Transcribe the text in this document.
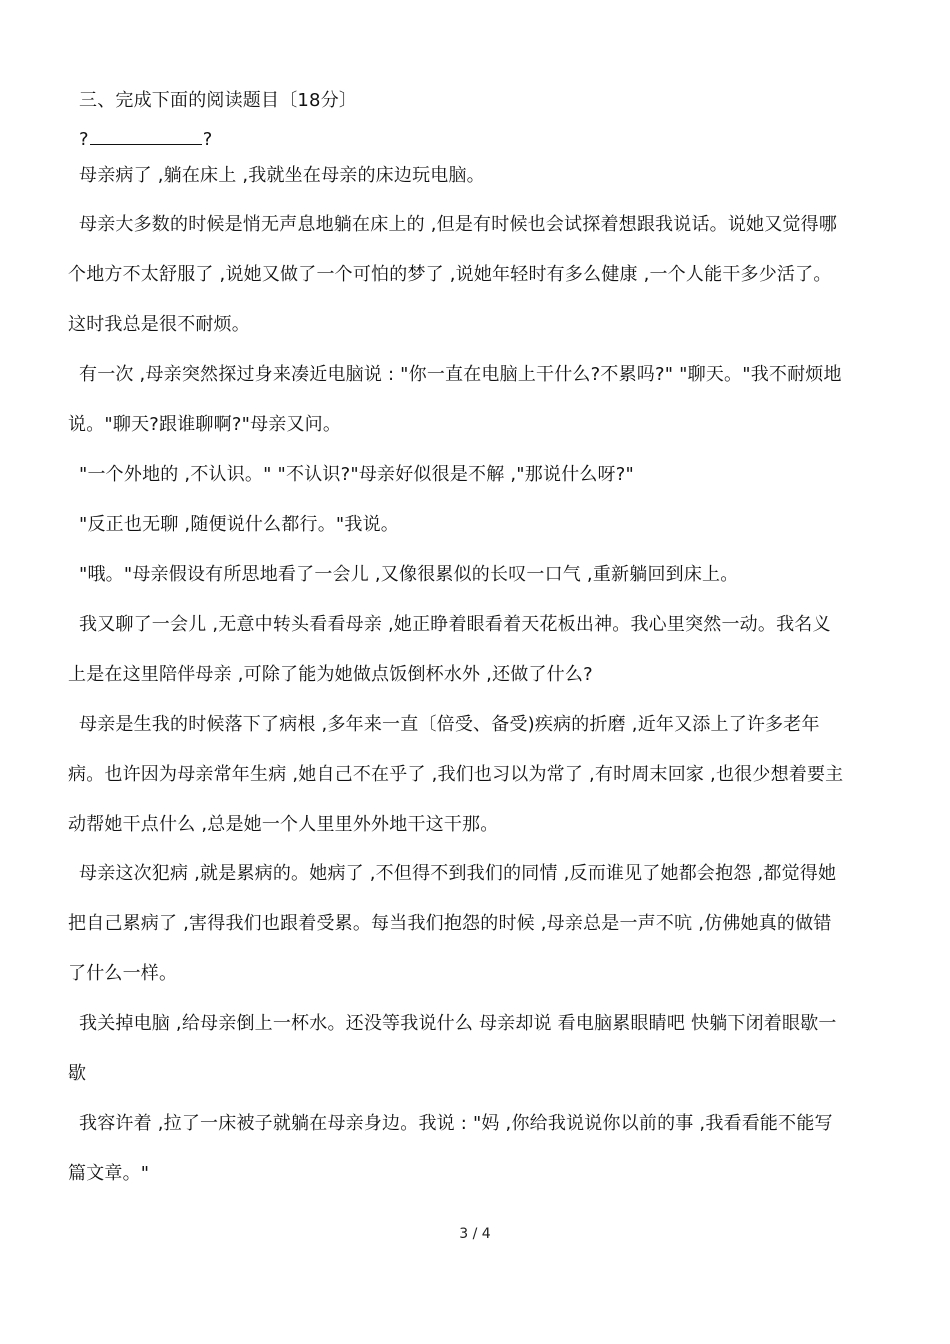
三、完成下面的阅读题目〔18分〕
?	?
母亲病了 ,躺在床上 ,我就坐在母亲的床边玩电脑。
母亲大多数的时候是悄无声息地躺在床上的 ,但是有时候也会试探着想跟我说话。说她又觉得哪
个地方不太舒服了 ,说她又做了一个可怕的梦了 ,说她年轻时有多么健康 ,一个人能干多少活了。
这时我总是很不耐烦。
有一次 ,母亲突然探过身来凑近电脑说 : "你一直在电脑上干什么?不累吗?" "聊天。"我不耐烦地
说。"聊天?跟谁聊啊?"母亲又问。
"一个外地的 ,不认识。" "不认识?"母亲好似很是不解 ,"那说什么呀?"
"反正也无聊 ,随便说什么都行。"我说。
"哦。"母亲假设有所思地看了一会儿 ,又像很累似的长叹一口气 ,重新躺回到床上。
我又聊了一会儿 ,无意中转头看看母亲 ,她正睁着眼看着天花板出神。我心里突然一动。我名义
上是在这里陪伴母亲 ,可除了能为她做点饭倒杯水外 ,还做了什么?
母亲是生我的时候落下了病根 ,多年来一直〔倍受、备受)疾病的折磨 ,近年又添上了许多老年
病。也许因为母亲常年生病 ,她自己不在乎了 ,我们也习以为常了 ,有时周末回家 ,也很少想着要主
动帮她干点什么 ,总是她一个人里里外外地干这干那。
母亲这次犯病 ,就是累病的。她病了 ,不但得不到我们的同情 ,反而谁见了她都会抱怨 ,都觉得她
把自己累病了 ,害得我们也跟着受累。每当我们抱怨的时候 ,母亲总是一声不吭 ,仿佛她真的做错
了什么一样。
我关掉电脑 ,给母亲倒上一杯水。还没等我说什么 母亲却说 看电脑累眼睛吧 快躺下闭着眼歇一
歇
我容许着 ,拉了一床被子就躺在母亲身边。我说 : "妈 ,你给我说说你以前的事 ,我看看能不能写
篇文章。"
3 / 4
